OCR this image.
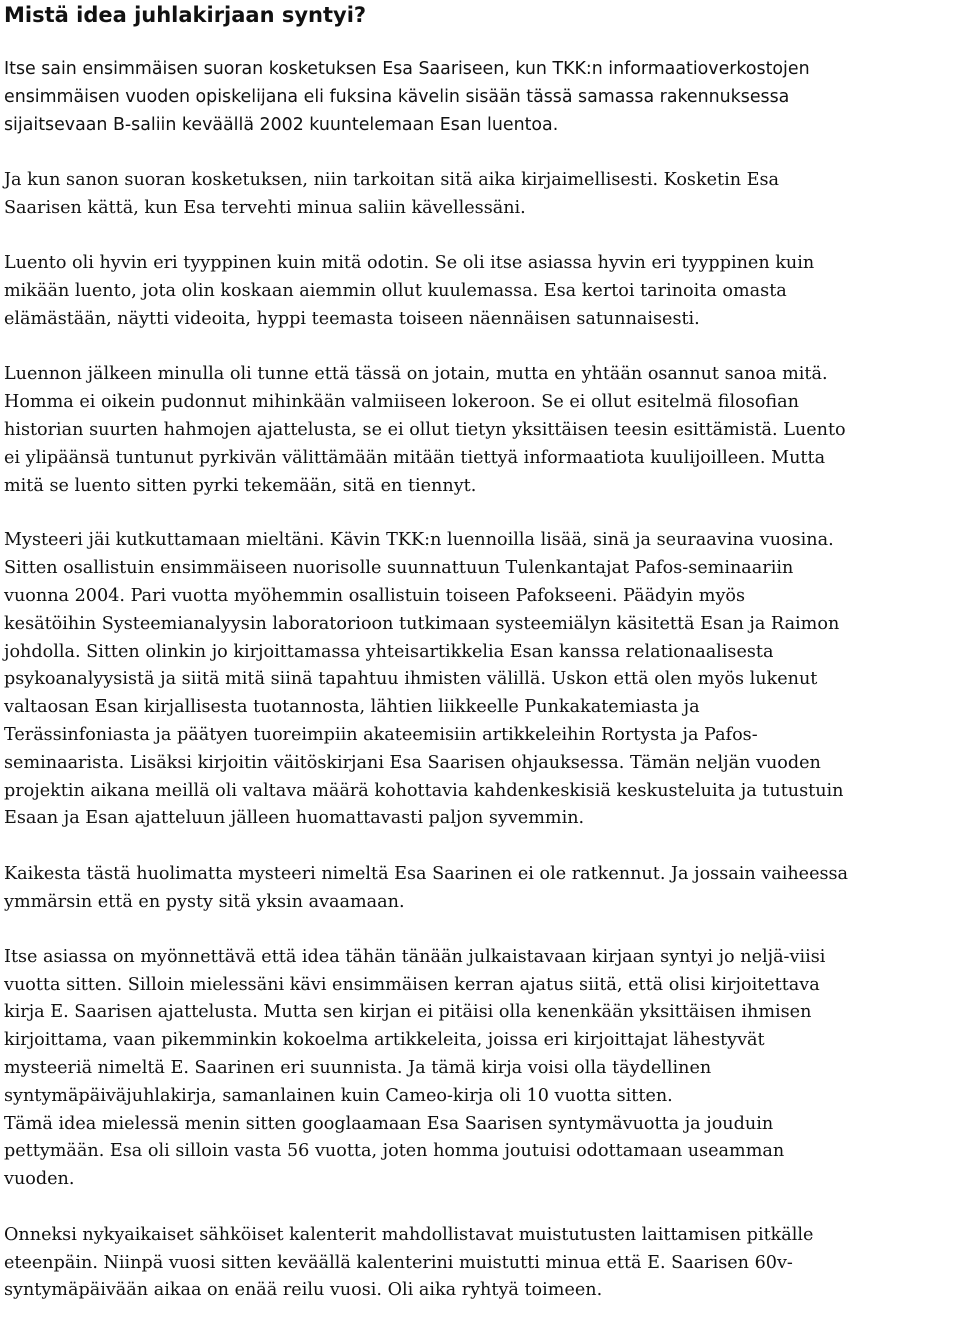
Mistä idea juhlakirjaan syntyi?
Itse sain ensimmäisen suoran kosketuksen Esa Saariseen, kun TKK:n informaatioverkostojen
ensimmäisen vuoden opiskelijana eli fuksina kävelin sisään tässä samassa rakennuksessa
sijaitsevaan B-saliin keväällä 2002 kuuntelemaan Esan luentoa.
Ja kun sanon suoran kosketuksen, niin tarkoitan sitä aika kirjaimellisesti. Kosketin Esa
Saarisen kättä, kun Esa tervehti minua saliin kävellessäni.
Luento oli hyvin eri tyyppinen kuin mitä odotin. Se oli itse asiassa hyvin eri tyyppinen kuin
mikään luento, jota olin koskaan aiemmin ollut kuulemassa. Esa kertoi tarinoita omasta
elämästään, näytti videoita, hyppi teemasta toiseen näennäisen satunnaisesti.
Luennon jälkeen minulla oli tunne että tässä on jotain, mutta en yhtään osannut sanoa mitä.
Homma ei oikein pudonnut mihinkään valmiiseen lokeroon. Se ei ollut esitelmä filosofian
historian suurten hahmojen ajattelusta, se ei ollut tietyn yksittäisen teesin esittämistä. Luento
ei ylipäänsä tuntunut pyrkivän välittämään mitään tiettyä informaatiota kuulijoilleen. Mutta
mitä se luento sitten pyrki tekemään, sitä en tiennyt.
Mysteeri jäi kutkuttamaan mieltäni. Kävin TKK:n luennoilla lisää, sinä ja seuraavina vuosina.
Sitten osallistuin ensimmäiseen nuorisolle suunnattuun Tulenkantajat Pafos-seminaariin
vuonna 2004. Pari vuotta myöhemmin osallistuin toiseen Pafokseeni. Päädyin myös
kesätöihin Systeemianalyysin laboratorioon tutkimaan systeemiälyn käsitettä Esan ja Raimon
johdolla. Sitten olinkin jo kirjoittamassa yhteisartikkelia Esan kanssa relationaalisesta
psykoanalyysistä ja siitä mitä siinä tapahtuu ihmisten välillä. Uskon että olen myös lukenut
valtaosan Esan kirjallisesta tuotannosta, lähtien liikkeelle Punkakatemiasta ja
Terässinfoniasta ja päätyen tuoreimpiin akateemisiin artikkeleihin Rortysta ja Pafos-
seminaarista. Lisäksi kirjoitin väitöskirjani Esa Saarisen ohjauksessa. Tämän neljän vuoden
projektin aikana meillä oli valtava määrä kohottavia kahdenkeskisiä keskusteluita ja tutustuin
Esaan ja Esan ajatteluun jälleen huomattavasti paljon syvemmin.
Kaikesta tästä huolimatta mysteeri nimeltä Esa Saarinen ei ole ratkennut. Ja jossain vaiheessa
ymmärsin että en pysty sitä yksin avaamaan.
Itse asiassa on myönnettävä että idea tähän tänään julkaistavaan kirjaan syntyi jo neljä-viisi
vuotta sitten. Silloin mielessäni kävi ensimmäisen kerran ajatus siitä, että olisi kirjoitettava
kirja E. Saarisen ajattelusta. Mutta sen kirjan ei pitäisi olla kenenkään yksittäisen ihmisen
kirjoittama, vaan pikemminkin kokoelma artikkeleita, joissa eri kirjoittajat lähestyvät
mysteeriä nimeltä E. Saarinen eri suunnista. Ja tämä kirja voisi olla täydellinen
syntymäpäiväjuhlakirja, samanlainen kuin Cameo-kirja oli 10 vuotta sitten.
Tämä idea mielessä menin sitten googlaamaan Esa Saarisen syntymävuotta ja jouduin
pettymään. Esa oli silloin vasta 56 vuotta, joten homma joutuisi odottamaan useamman
vuoden.
Onneksi nykyaikaiset sähköiset kalenterit mahdollistavat muistutusten laittamisen pitkälle
eteenpäin. Niinpä vuosi sitten keväällä kalenterini muistutti minua että E. Saarisen 60v-
syntymäpäivään aikaa on enää reilu vuosi. Oli aika ryhtyä toimeen.
